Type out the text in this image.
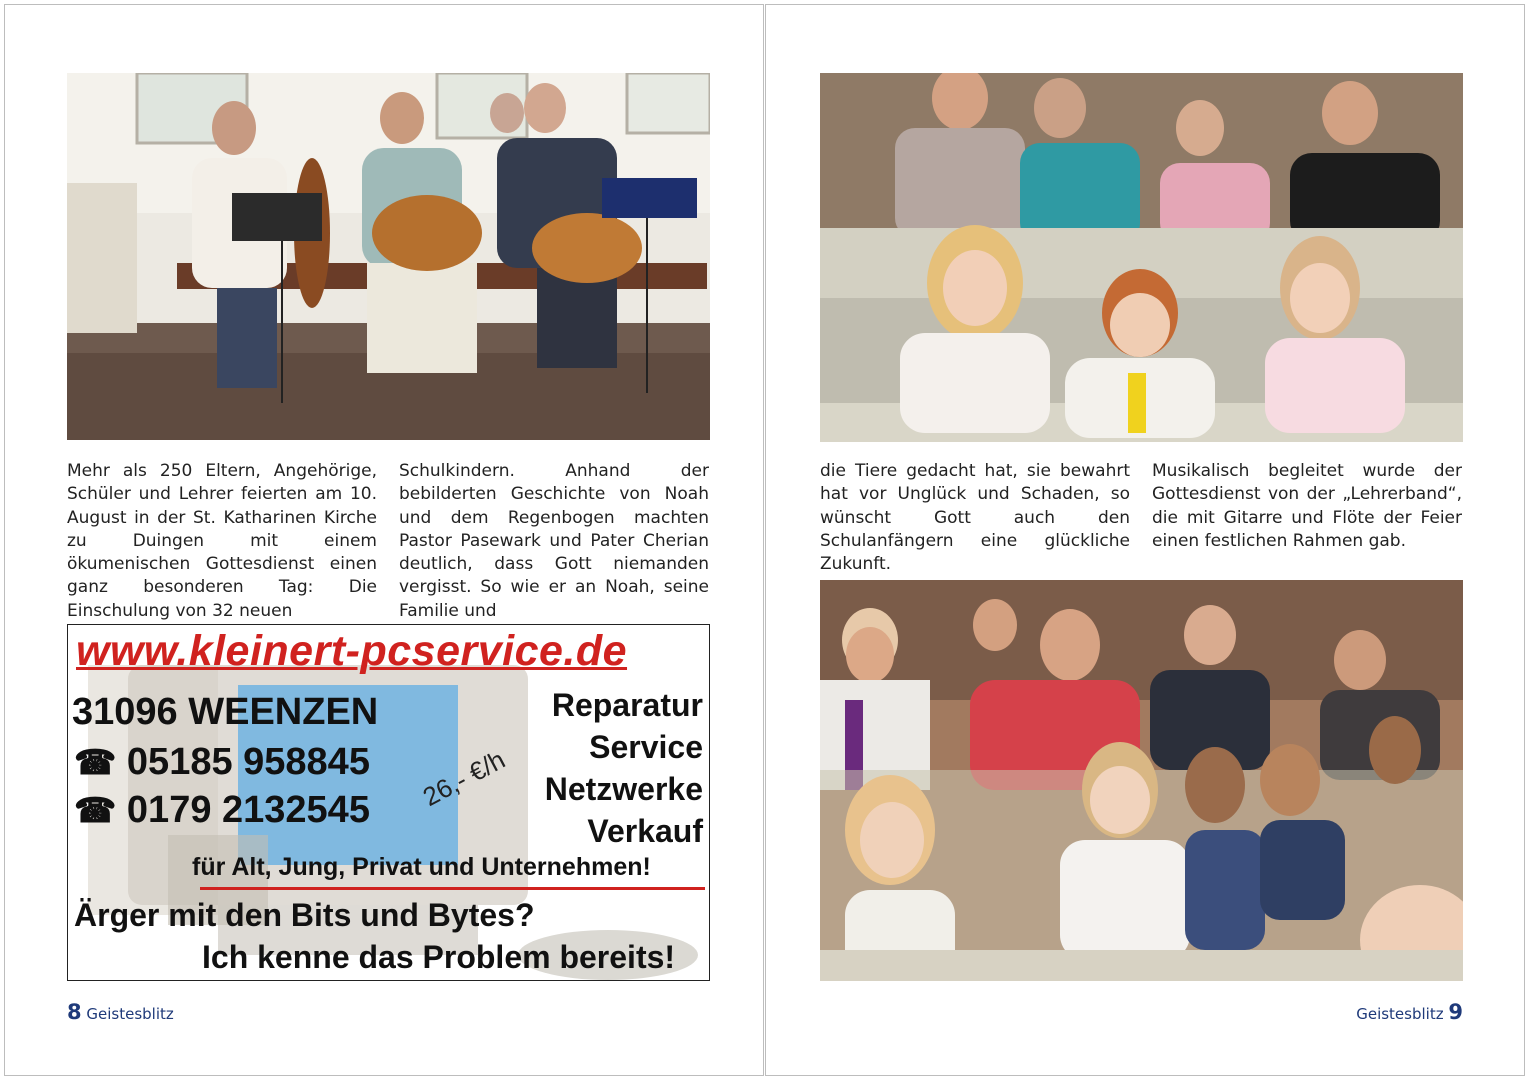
Mehr als 250 Eltern, Angehörige, Schüler und Lehrer feierten am 10. August in der St. Katharinen Kirche zu Duingen mit einem ökumenischen Gottesdienst einen ganz besonderen Tag: Die Einschulung von 32 neuen
Schulkindern. Anhand der bebilderten Geschichte von Noah und dem Regenbogen machten Pastor Pasewark und Pater Cherian deutlich, dass Gott niemanden vergisst. So wie er an Noah, seine Familie und
www.kleinert-pcservice.de
31096 WEENZEN
☎ 05185 958845
☎ 0179 2132545 26,- €/h
Reparatur
Service
Netzwerke
Verkauf
für Alt, Jung, Privat und Unternehmen!
Ärger mit den Bits und Bytes?
Ich kenne das Problem bereits!
8 Geistesblitz
die Tiere gedacht hat, sie bewahrt hat vor Unglück und Schaden, so wünscht Gott auch den Schulanfängern eine glückliche Zukunft.
Musikalisch begleitet wurde der Gottesdienst von der „Lehrerband“, die mit Gitarre und Flöte der Feier einen festlichen Rahmen gab.
Geistesblitz 9
